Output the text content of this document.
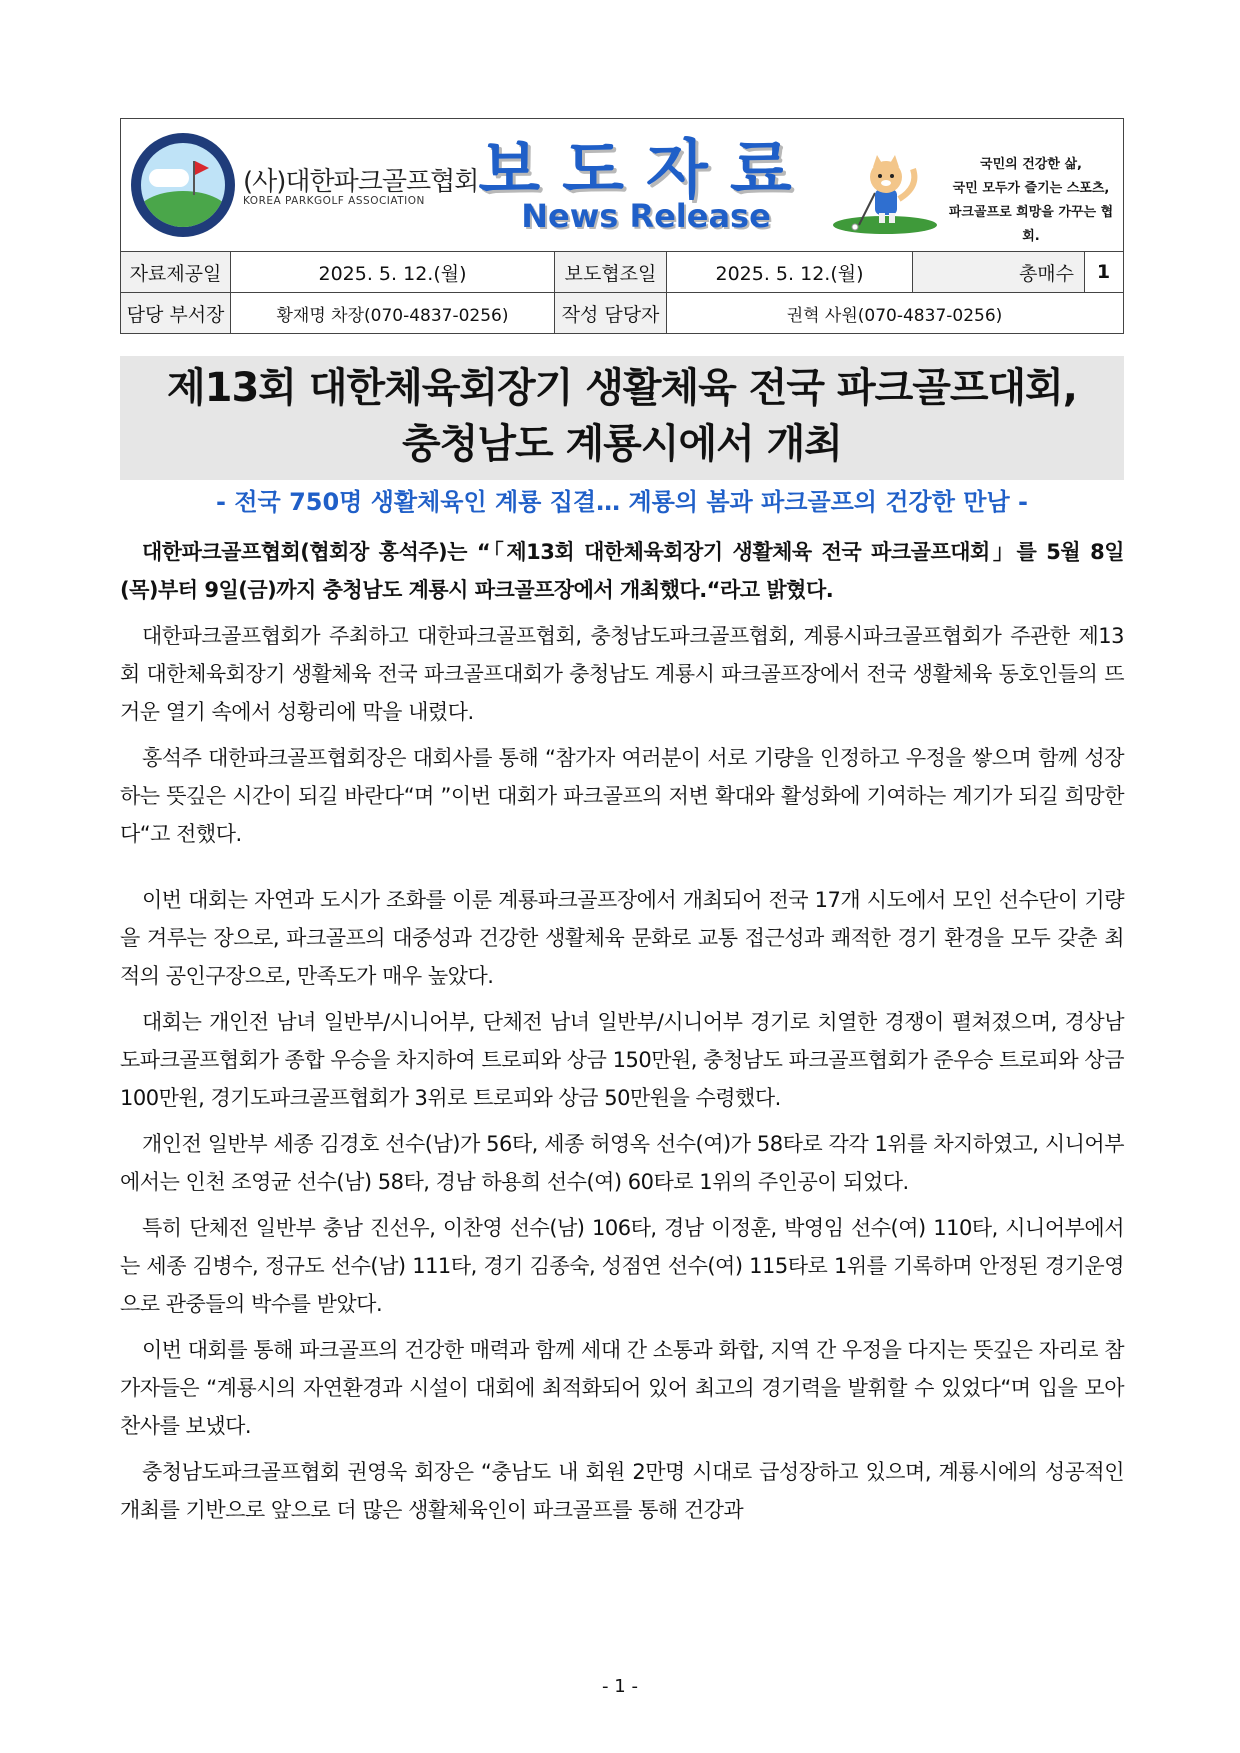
(사)대한파크골프협회
KOREA PARKGOLF ASSOCIATION 보도자료
News Release
국민의 건강한 삶,
국민 모두가 즐기는 스포츠,
파크골프로 희망을 가꾸는 협회.
자료제공일	2025. 5. 12.(월)	보도협조일	2025. 5. 12.(월)	총매수	1
담당 부서장	황재명 차장(070-4837-0256)	작성 담당자	권혁 사원(070-4837-0256)
제13회 대한체육회장기 생활체육 전국 파크골프대회,
충청남도 계룡시에서 개최
- 전국 750명 생활체육인 계룡 집결… 계룡의 봄과 파크골프의 건강한 만남 -

대한파크골프협회(협회장 홍석주)는 “「제13회 대한체육회장기 생활체육 전국 파크골프대회」를 5월 8일(목)부터 9일(금)까지 충청남도 계룡시 파크골프장에서 개최했다.“라고 밝혔다.

대한파크골프협회가 주최하고 대한파크골프협회, 충청남도파크골프협회, 계룡시파크골프협회가 주관한 제13회 대한체육회장기 생활체육 전국 파크골프대회가 충청남도 계룡시 파크골프장에서 전국 생활체육 동호인들의 뜨거운 열기 속에서 성황리에 막을 내렸다.

홍석주 대한파크골프협회장은 대회사를 통해 “참가자 여러분이 서로 기량을 인정하고 우정을 쌓으며 함께 성장하는 뜻깊은 시간이 되길 바란다“며 ”이번 대회가 파크골프의 저변 확대와 활성화에 기여하는 계기가 되길 희망한다“고 전했다.

이번 대회는 자연과 도시가 조화를 이룬 계룡파크골프장에서 개최되어 전국 17개 시도에서 모인 선수단이 기량을 겨루는 장으로, 파크골프의 대중성과 건강한 생활체육 문화로 교통 접근성과 쾌적한 경기 환경을 모두 갖춘 최적의 공인구장으로, 만족도가 매우 높았다.

대회는 개인전 남녀 일반부/시니어부, 단체전 남녀 일반부/시니어부 경기로 치열한 경쟁이 펼쳐졌으며, 경상남도파크골프협회가 종합 우승을 차지하여 트로피와 상금 150만원, 충청남도 파크골프협회가 준우승 트로피와 상금 100만원, 경기도파크골프협회가 3위로 트로피와 상금 50만원을 수령했다.

개인전 일반부 세종 김경호 선수(남)가 56타, 세종 허영옥 선수(여)가 58타로 각각 1위를 차지하였고, 시니어부에서는 인천 조영균 선수(남) 58타, 경남 하용희 선수(여) 60타로 1위의 주인공이 되었다.

특히 단체전 일반부 충남 진선우, 이찬영 선수(남) 106타, 경남 이정훈, 박영임 선수(여) 110타, 시니어부에서는 세종 김병수, 정규도 선수(남) 111타, 경기 김종숙, 성점연 선수(여) 115타로 1위를 기록하며 안정된 경기운영으로 관중들의 박수를 받았다.

이번 대회를 통해 파크골프의 건강한 매력과 함께 세대 간 소통과 화합, 지역 간 우정을 다지는 뜻깊은 자리로 참가자들은 “계룡시의 자연환경과 시설이 대회에 최적화되어 있어 최고의 경기력을 발휘할 수 있었다“며 입을 모아 찬사를 보냈다.

충청남도파크골프협회 권영욱 회장은 “충남도 내 회원 2만명 시대로 급성장하고 있으며, 계룡시에의 성공적인 개최를 기반으로 앞으로 더 많은 생활체육인이 파크골프를 통해 건강과

- 1 -
